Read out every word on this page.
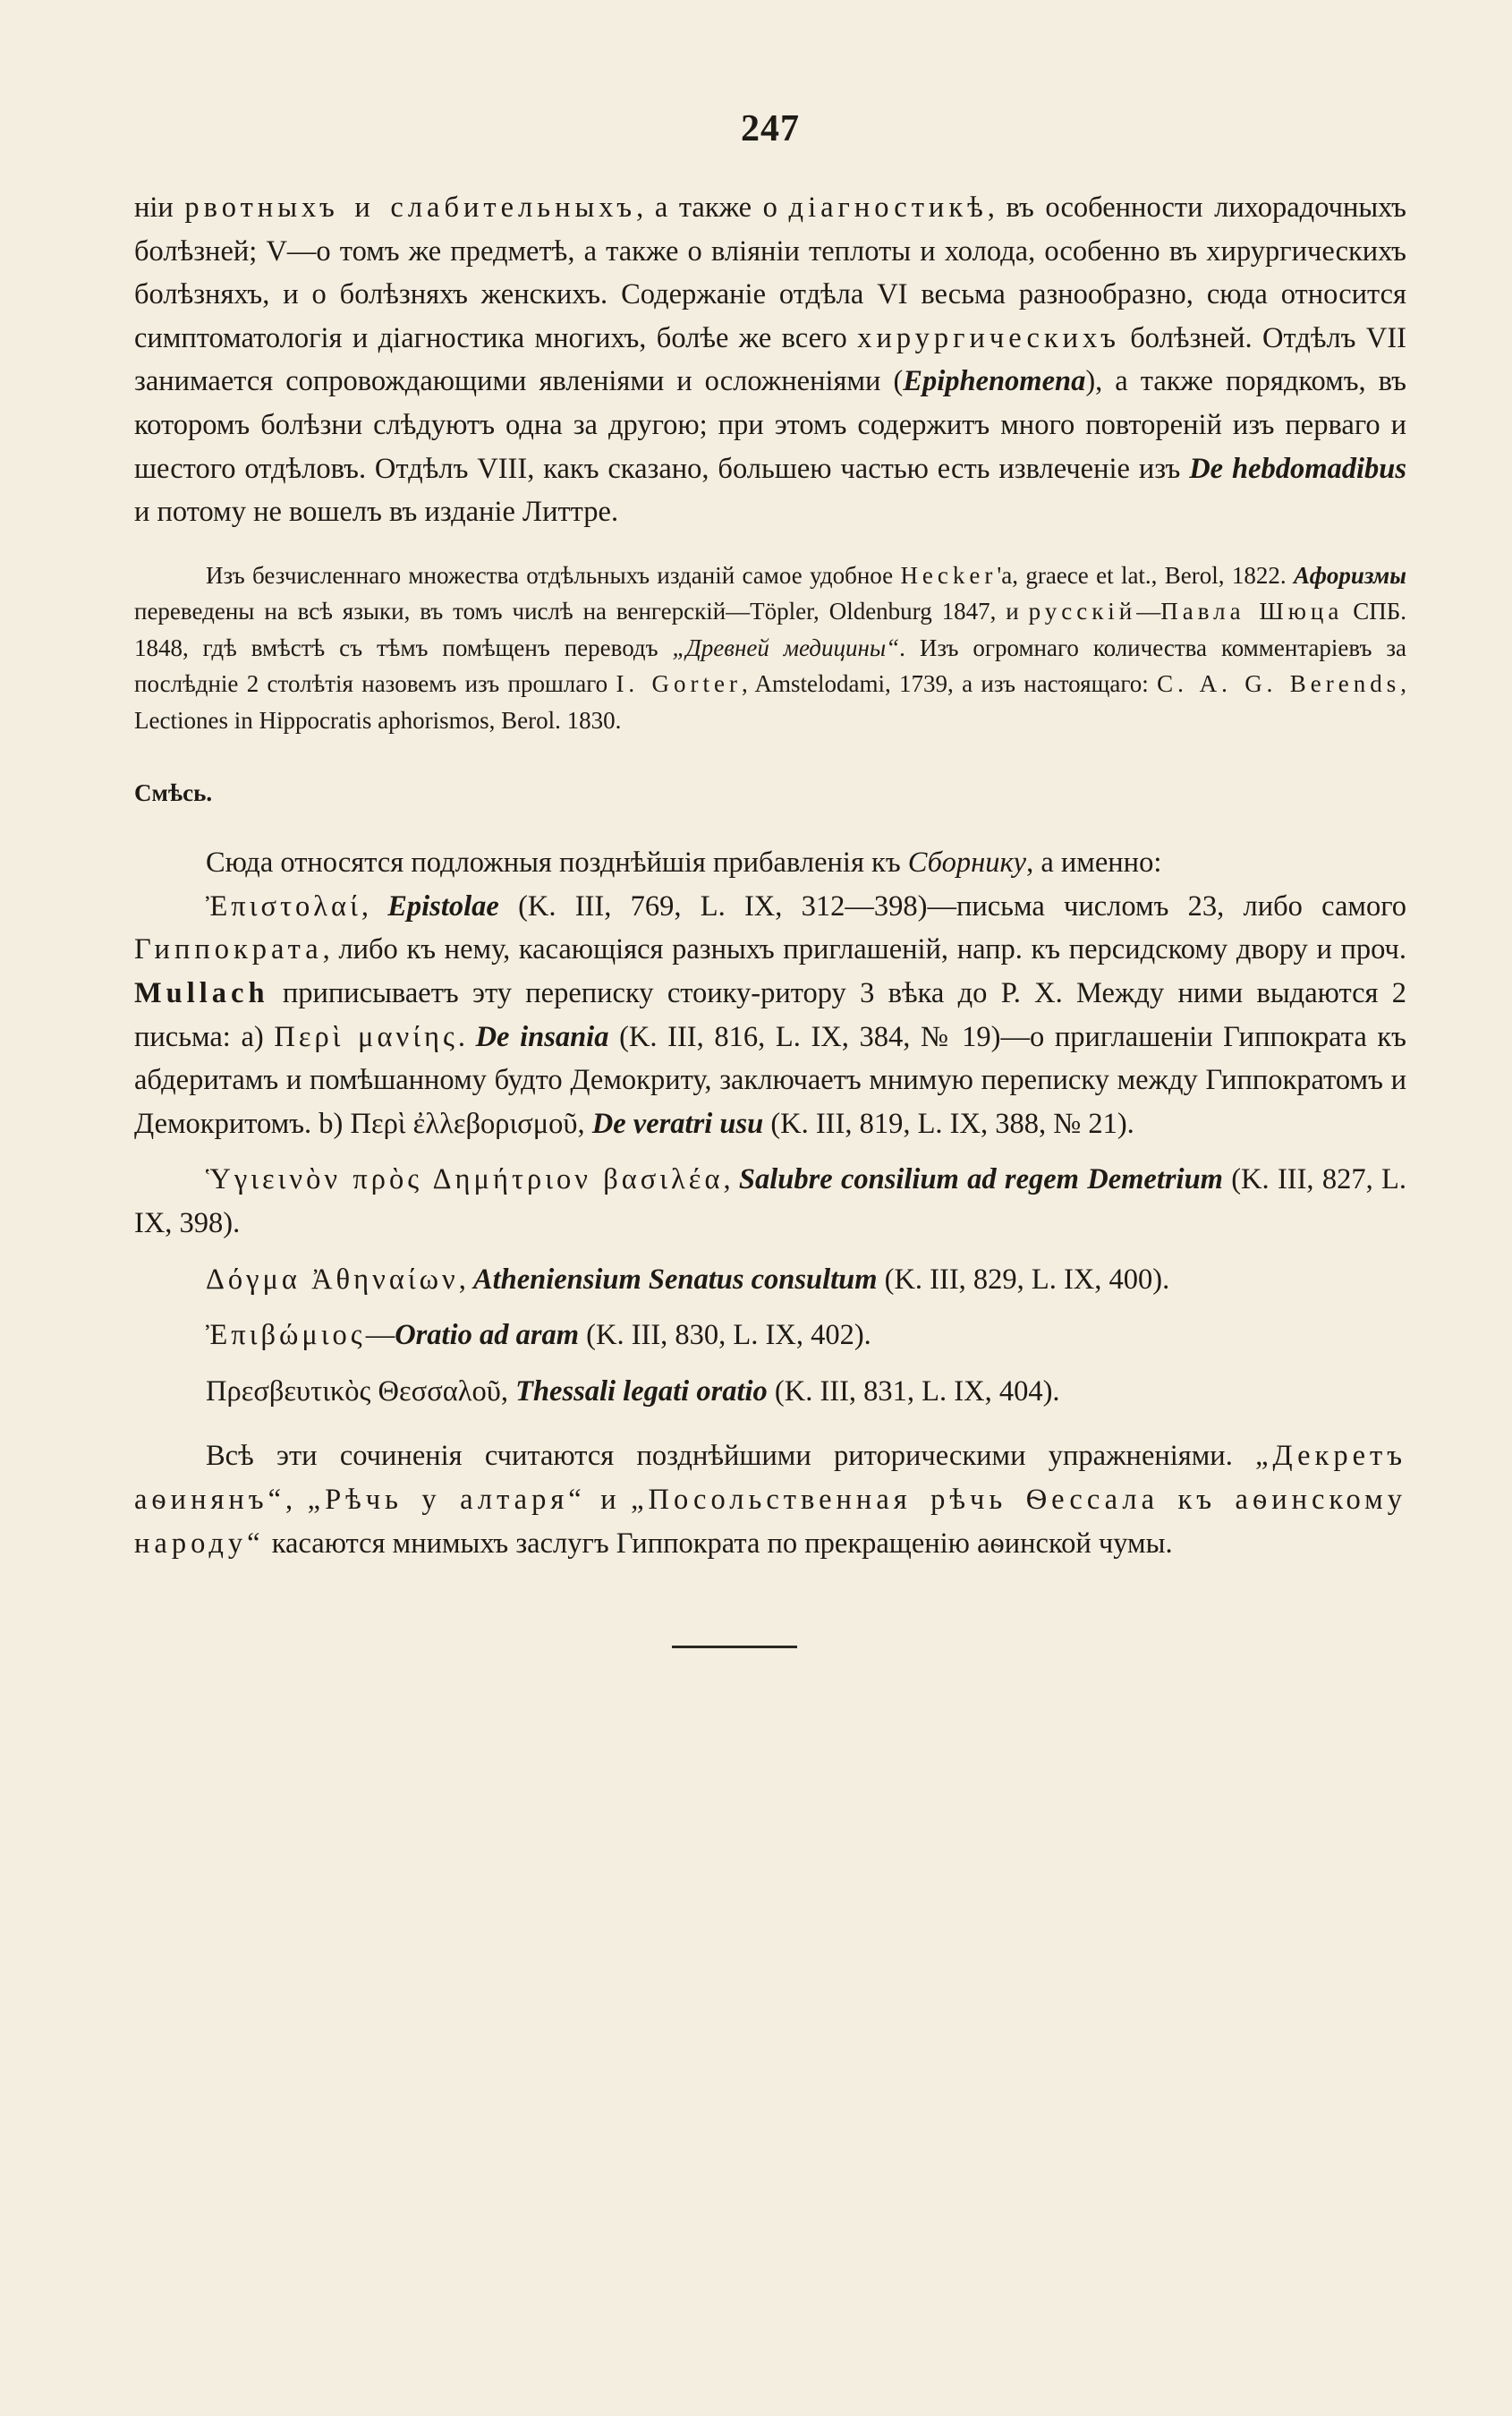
247

ніи рвотныхъ и слабительныхъ, а также о діагностикѣ, въ особенности лихорадочныхъ болѣзней; V—о томъ же предметѣ, а также о вліяніи теплоты и холода, особенно въ хирургическихъ болѣзняхъ, и о болѣзняхъ женскихъ. Содержаніе отдѣла VI весьма разнообразно, сюда относится симптоматологія и діагностика многихъ, болѣе же всего хирургическихъ болѣзней. Отдѣлъ VII занимается сопровождающими явленіями и осложненіями (Epiphenomena), а также порядкомъ, въ которомъ болѣзни слѣдуютъ одна за другою; при этомъ содержитъ много повтореній изъ перваго и шестого отдѣловъ. Отдѣлъ VIII, какъ сказано, большею частью есть извлеченіе изъ De hebdomadibus и потому не вошелъ въ изданіе Литтре.

Изъ безчисленнаго множества отдѣльныхъ изданій самое удобное Hecker'а, graece et lat., Berol, 1822. Афоризмы переведены на всѣ языки, въ томъ числѣ на венгерскій—Töpler, Oldenburg 1847, и русскій—Павла Шюца СПБ. 1848, гдѣ вмѣстѣ съ тѣмъ помѣщенъ переводъ „Древней медицины“. Изъ огромнаго количества комментаріевъ за послѣдніе 2 столѣтія назовемъ изъ прошлаго I. Gorter, Amstelodami, 1739, а изъ настоящаго: C. A. G. Berends, Lectiones in Hippocratis aphorismos, Berol. 1830.

Смѣсь.

Сюда относятся подложныя позднѣйшія прибавленія къ Сборнику, а именно:

Ἐπιστολαί, Epistolae (K. III, 769, L. IX, 312—398)—письма числомъ 23, либо самого Гиппократа, либо къ нему, касающіяся разныхъ приглашеній, напр. къ персидскому двору и проч. Mullach приписываетъ эту переписку стоику-ритору 3 вѣка до Р. Х. Между ними выдаются 2 письма: a) Περὶ μανίης. De insania (K. III, 816, L. IX, 384, № 19)—о приглашеніи Гиппократа къ абдеритамъ и помѣшанному будто Демокриту, заключаетъ мнимую переписку между Гиппократомъ и Демокритомъ. b) Περὶ ἐλλεβορισμοῦ, De veratri usu (K. III, 819, L. IX, 388, № 21).

Ὑγιεινὸν πρὸς Δημήτριον βασιλέα, Salubre consilium ad regem Demetrium (K. III, 827, L. IX, 398).

Δόγμα Ἀθηναίων, Atheniensium Senatus consultum (K. III, 829, L. IX, 400).

Ἐπιβώμιος—Oratio ad aram (K. III, 830, L. IX, 402).

Πρεσβευτικὸς Θεσσαλοῦ, Thessali legati oratio (K. III, 831, L. IX, 404).

Всѣ эти сочиненія считаются позднѣйшими риторическими упражненіями. „Декретъ аѳинянъ“, „Рѣчь у алтаря“ и „Посольственная рѣчь Ѳессала къ аѳинскому народу“ касаются мнимыхъ заслугъ Гиппократа по прекращенію аѳинской чумы.
